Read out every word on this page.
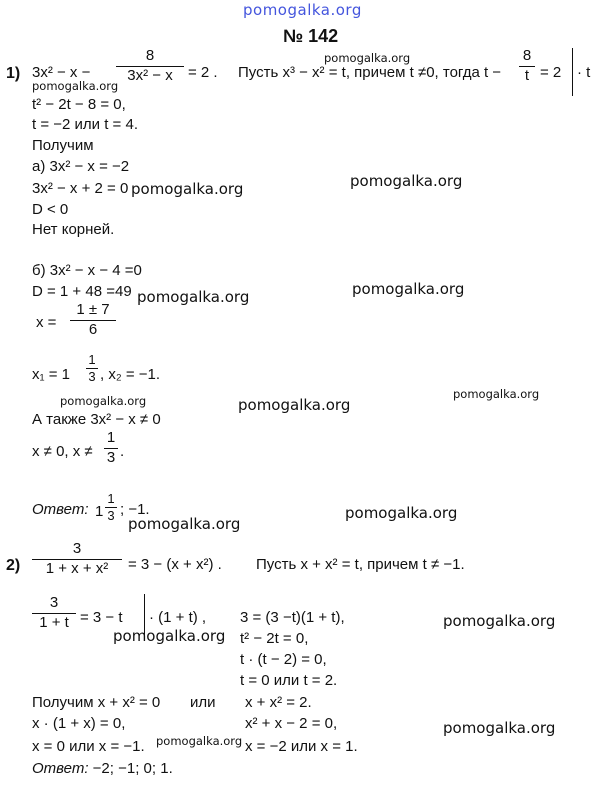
pomogalka.org
№ 142
1) 3x² − x −
8
3x² − x	= 2 . Пусть x³ − x² = t, причем t ≠0, тогда t −
8
t = 2 · t
pomogalka.org
pomogalka.org
t² − 2t − 8 = 0,
t = −2 или t = 4.
Получим
а) 3x² − x = −2
3x² − x + 2 = 0 pomogalka.org	pomogalka.org
D < 0
Нет корней.
б) 3x² − x − 4 =0
D = 1 + 48 =49 pomogalka.org	pomogalka.org
x =
1 ± 7
6
x₁ = 1
1
3 , x₂ = −1.
pomogalka.org	pomogalka.org
pomogalka.org
А также 3x² − x ≠ 0
x ≠ 0, x ≠
1
3 .
Ответ: 1
1
3 ; −1.
pomogalka.org
pomogalka.org
2)
3
1 + x + x²	= 3 − (x + x²) . Пусть x + x² = t, причем t ≠ −1.
3
1 + t = 3 − t · (1 + t) , 3 = (3 −t)(1 + t),	pomogalka.org
pomogalka.org t² − 2t = 0,
t · (t − 2) = 0,
t = 0 или t = 2.
Получим x + x² = 0 или x + x² = 2.
x · (1 + x) = 0,	x² + x − 2 = 0,	pomogalka.org
x = 0 или x = −1. pomogalka.org x = −2 или x = 1.
Ответ: −2; −1; 0; 1.
